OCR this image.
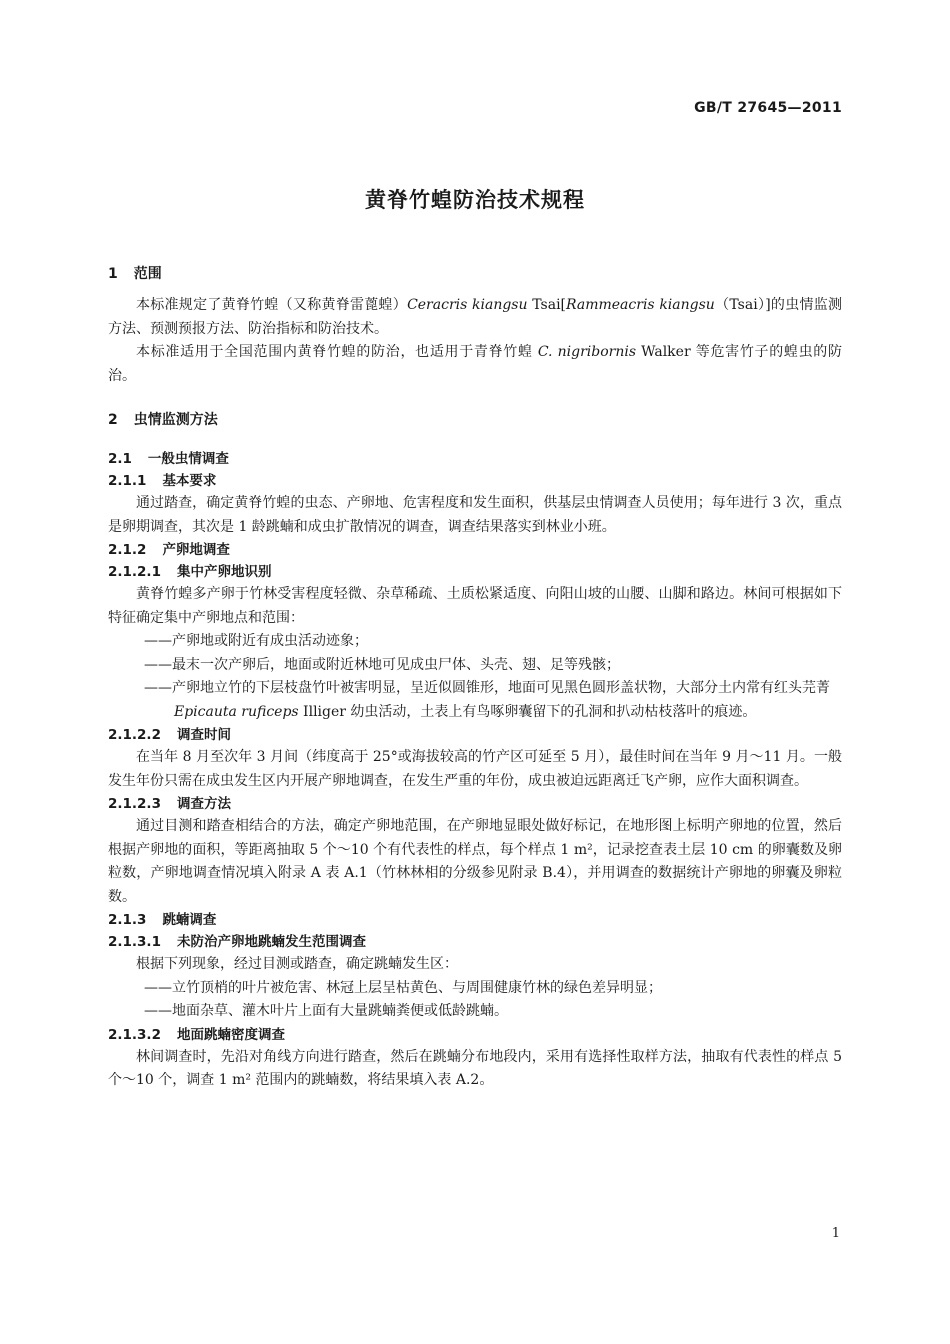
GB/T 27645—2011
黄脊竹蝗防治技术规程
1 范围
本标准规定了黄脊竹蝗（又称黄脊雷蓖蝗）Ceracris kiangsu Tsai[Rammeacris kiangsu（Tsai）]的虫情监测方法、预测预报方法、防治指标和防治技术。
本标准适用于全国范围内黄脊竹蝗的防治，也适用于青脊竹蝗 C. nigribornis Walker 等危害竹子的蝗虫的防治。
2 虫情监测方法
2.1 一般虫情调查
2.1.1 基本要求
通过踏查，确定黄脊竹蝗的虫态、产卵地、危害程度和发生面积，供基层虫情调查人员使用；每年进行 3 次，重点是卵期调查，其次是 1 龄跳蝻和成虫扩散情况的调查，调查结果落实到林业小班。
2.1.2 产卵地调查
2.1.2.1 集中产卵地识别
黄脊竹蝗多产卵于竹林受害程度轻微、杂草稀疏、土质松紧适度、向阳山坡的山腰、山脚和路边。林间可根据如下特征确定集中产卵地点和范围：
——产卵地或附近有成虫活动迹象；
——最末一次产卵后，地面或附近林地可见成虫尸体、头壳、翅、足等残骸；
——产卵地立竹的下层枝盘竹叶被害明显，呈近似圆锥形，地面可见黑色圆形盖状物，大部分土内常有红头芫菁 Epicauta ruficeps Illiger 幼虫活动，土表上有鸟啄卵囊留下的孔洞和扒动枯枝落叶的痕迹。
2.1.2.2 调查时间
在当年 8 月至次年 3 月间（纬度高于 25°或海拔较高的竹产区可延至 5 月），最佳时间在当年 9 月～11 月。一般发生年份只需在成虫发生区内开展产卵地调查，在发生严重的年份，成虫被迫远距离迁飞产卵，应作大面积调查。
2.1.2.3 调查方法
通过目测和踏查相结合的方法，确定产卵地范围，在产卵地显眼处做好标记，在地形图上标明产卵地的位置，然后根据产卵地的面积，等距离抽取 5 个～10 个有代表性的样点，每个样点 1 m²，记录挖查表土层 10 cm 的卵囊数及卵粒数，产卵地调查情况填入附录 A 表 A.1（竹林林相的分级参见附录 B.4），并用调查的数据统计产卵地的卵囊及卵粒数。
2.1.3 跳蝻调查
2.1.3.1 未防治产卵地跳蝻发生范围调查
根据下列现象，经过目测或踏查，确定跳蝻发生区：
——立竹顶梢的叶片被危害、林冠上层呈枯黄色、与周围健康竹林的绿色差异明显；
——地面杂草、灌木叶片上面有大量跳蝻粪便或低龄跳蝻。
2.1.3.2 地面跳蝻密度调查
林间调查时，先沿对角线方向进行踏查，然后在跳蝻分布地段内，采用有选择性取样方法，抽取有代表性的样点 5 个～10 个，调查 1 m² 范围内的跳蝻数，将结果填入表 A.2。
1
